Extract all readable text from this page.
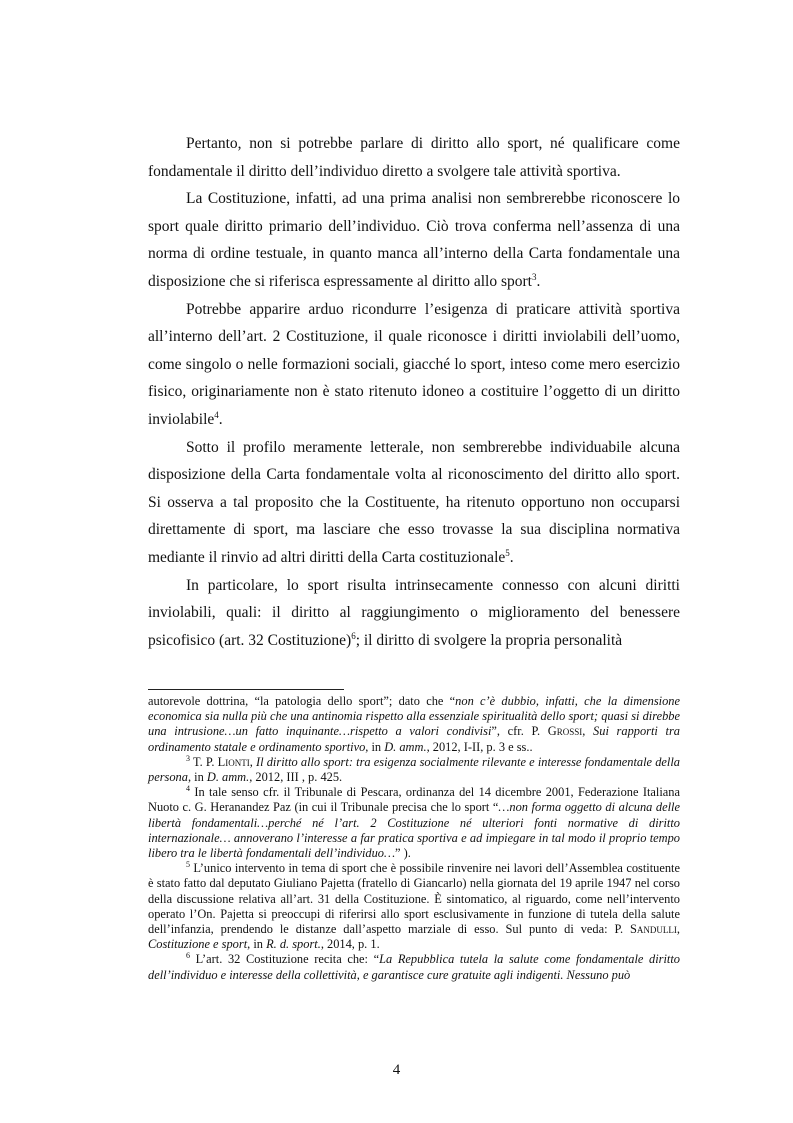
Pertanto, non si potrebbe parlare di diritto allo sport, né qualificare come fondamentale il diritto dell’individuo diretto a svolgere tale attività sportiva.

La Costituzione, infatti, ad una prima analisi non sembrerebbe riconoscere lo sport quale diritto primario dell’individuo. Ciò trova conferma nell’assenza di una norma di ordine testuale, in quanto manca all’interno della Carta fondamentale una disposizione che si riferisca espressamente al diritto allo sport$^3$.

Potrebbe apparire arduo ricondurre l’esigenza di praticare attività sportiva all’interno dell’art. 2 Costituzione, il quale riconosce i diritti inviolabili dell’uomo, come singolo o nelle formazioni sociali, giacché lo sport, inteso come mero esercizio fisico, originariamente non è stato ritenuto idoneo a costituire l’oggetto di un diritto inviolabile$^4$.

Sotto il profilo meramente letterale, non sembrerebbe individuabile alcuna disposizione della Carta fondamentale volta al riconoscimento del diritto allo sport. Si osserva a tal proposito che la Costituente, ha ritenuto opportuno non occuparsi direttamente di sport, ma lasciare che esso trovasse la sua disciplina normativa mediante il rinvio ad altri diritti della Carta costituzionale$^5$.

In particolare, lo sport risulta intrinsecamente connesso con alcuni diritti inviolabili, quali: il diritto al raggiungimento o miglioramento del benessere psicofisico (art. 32 Costituzione)$^6$; il diritto di svolgere la propria personalità

autorevole dottrina, “la patologia dello sport”; dato che “non c’è dubbio, infatti, che la dimensione economica sia nulla più che una antinomia rispetto alla essenziale spiritualità dello sport; quasi si direbbe una intrusione…un fatto inquinante…rispetto a valori condivisi”, cfr. P. Grossi, Sui rapporti tra ordinamento statale e ordinamento sportivo, in D. amm., 2012, I-II, p. 3 e ss..

$^3$ T. P. Lionti, Il diritto allo sport: tra esigenza socialmente rilevante e interesse fondamentale della persona, in D. amm., 2012, III , p. 425.

$^4$ In tale senso cfr. il Tribunale di Pescara, ordinanza del 14 dicembre 2001, Federazione Italiana Nuoto c. G. Heranandez Paz (in cui il Tribunale precisa che lo sport “…non forma oggetto di alcuna delle libertà fondamentali…perché né l’art. 2 Costituzione né ulteriori fonti normative di diritto internazionale… annoverano l’interesse a far pratica sportiva e ad impiegare in tal modo il proprio tempo libero tra le libertà fondamentali dell’individuo…” ).

$^5$ L’unico intervento in tema di sport che è possibile rinvenire nei lavori dell’Assemblea costituente è stato fatto dal deputato Giuliano Pajetta (fratello di Giancarlo) nella giornata del 19 aprile 1947 nel corso della discussione relativa all’art. 31 della Costituzione. È sintomatico, al riguardo, come nell’intervento operato l’On. Pajetta si preoccupi di riferirsi allo sport esclusivamente in funzione di tutela della salute dell’infanzia, prendendo le distanze dall’aspetto marziale di esso. Sul punto di veda: P. Sandulli, Costituzione e sport, in R. d. sport., 2014, p. 1.

$^6$ L’art. 32 Costituzione recita che: “La Repubblica tutela la salute come fondamentale diritto dell’individuo e interesse della collettività, e garantisce cure gratuite agli indigenti. Nessuno può

4
